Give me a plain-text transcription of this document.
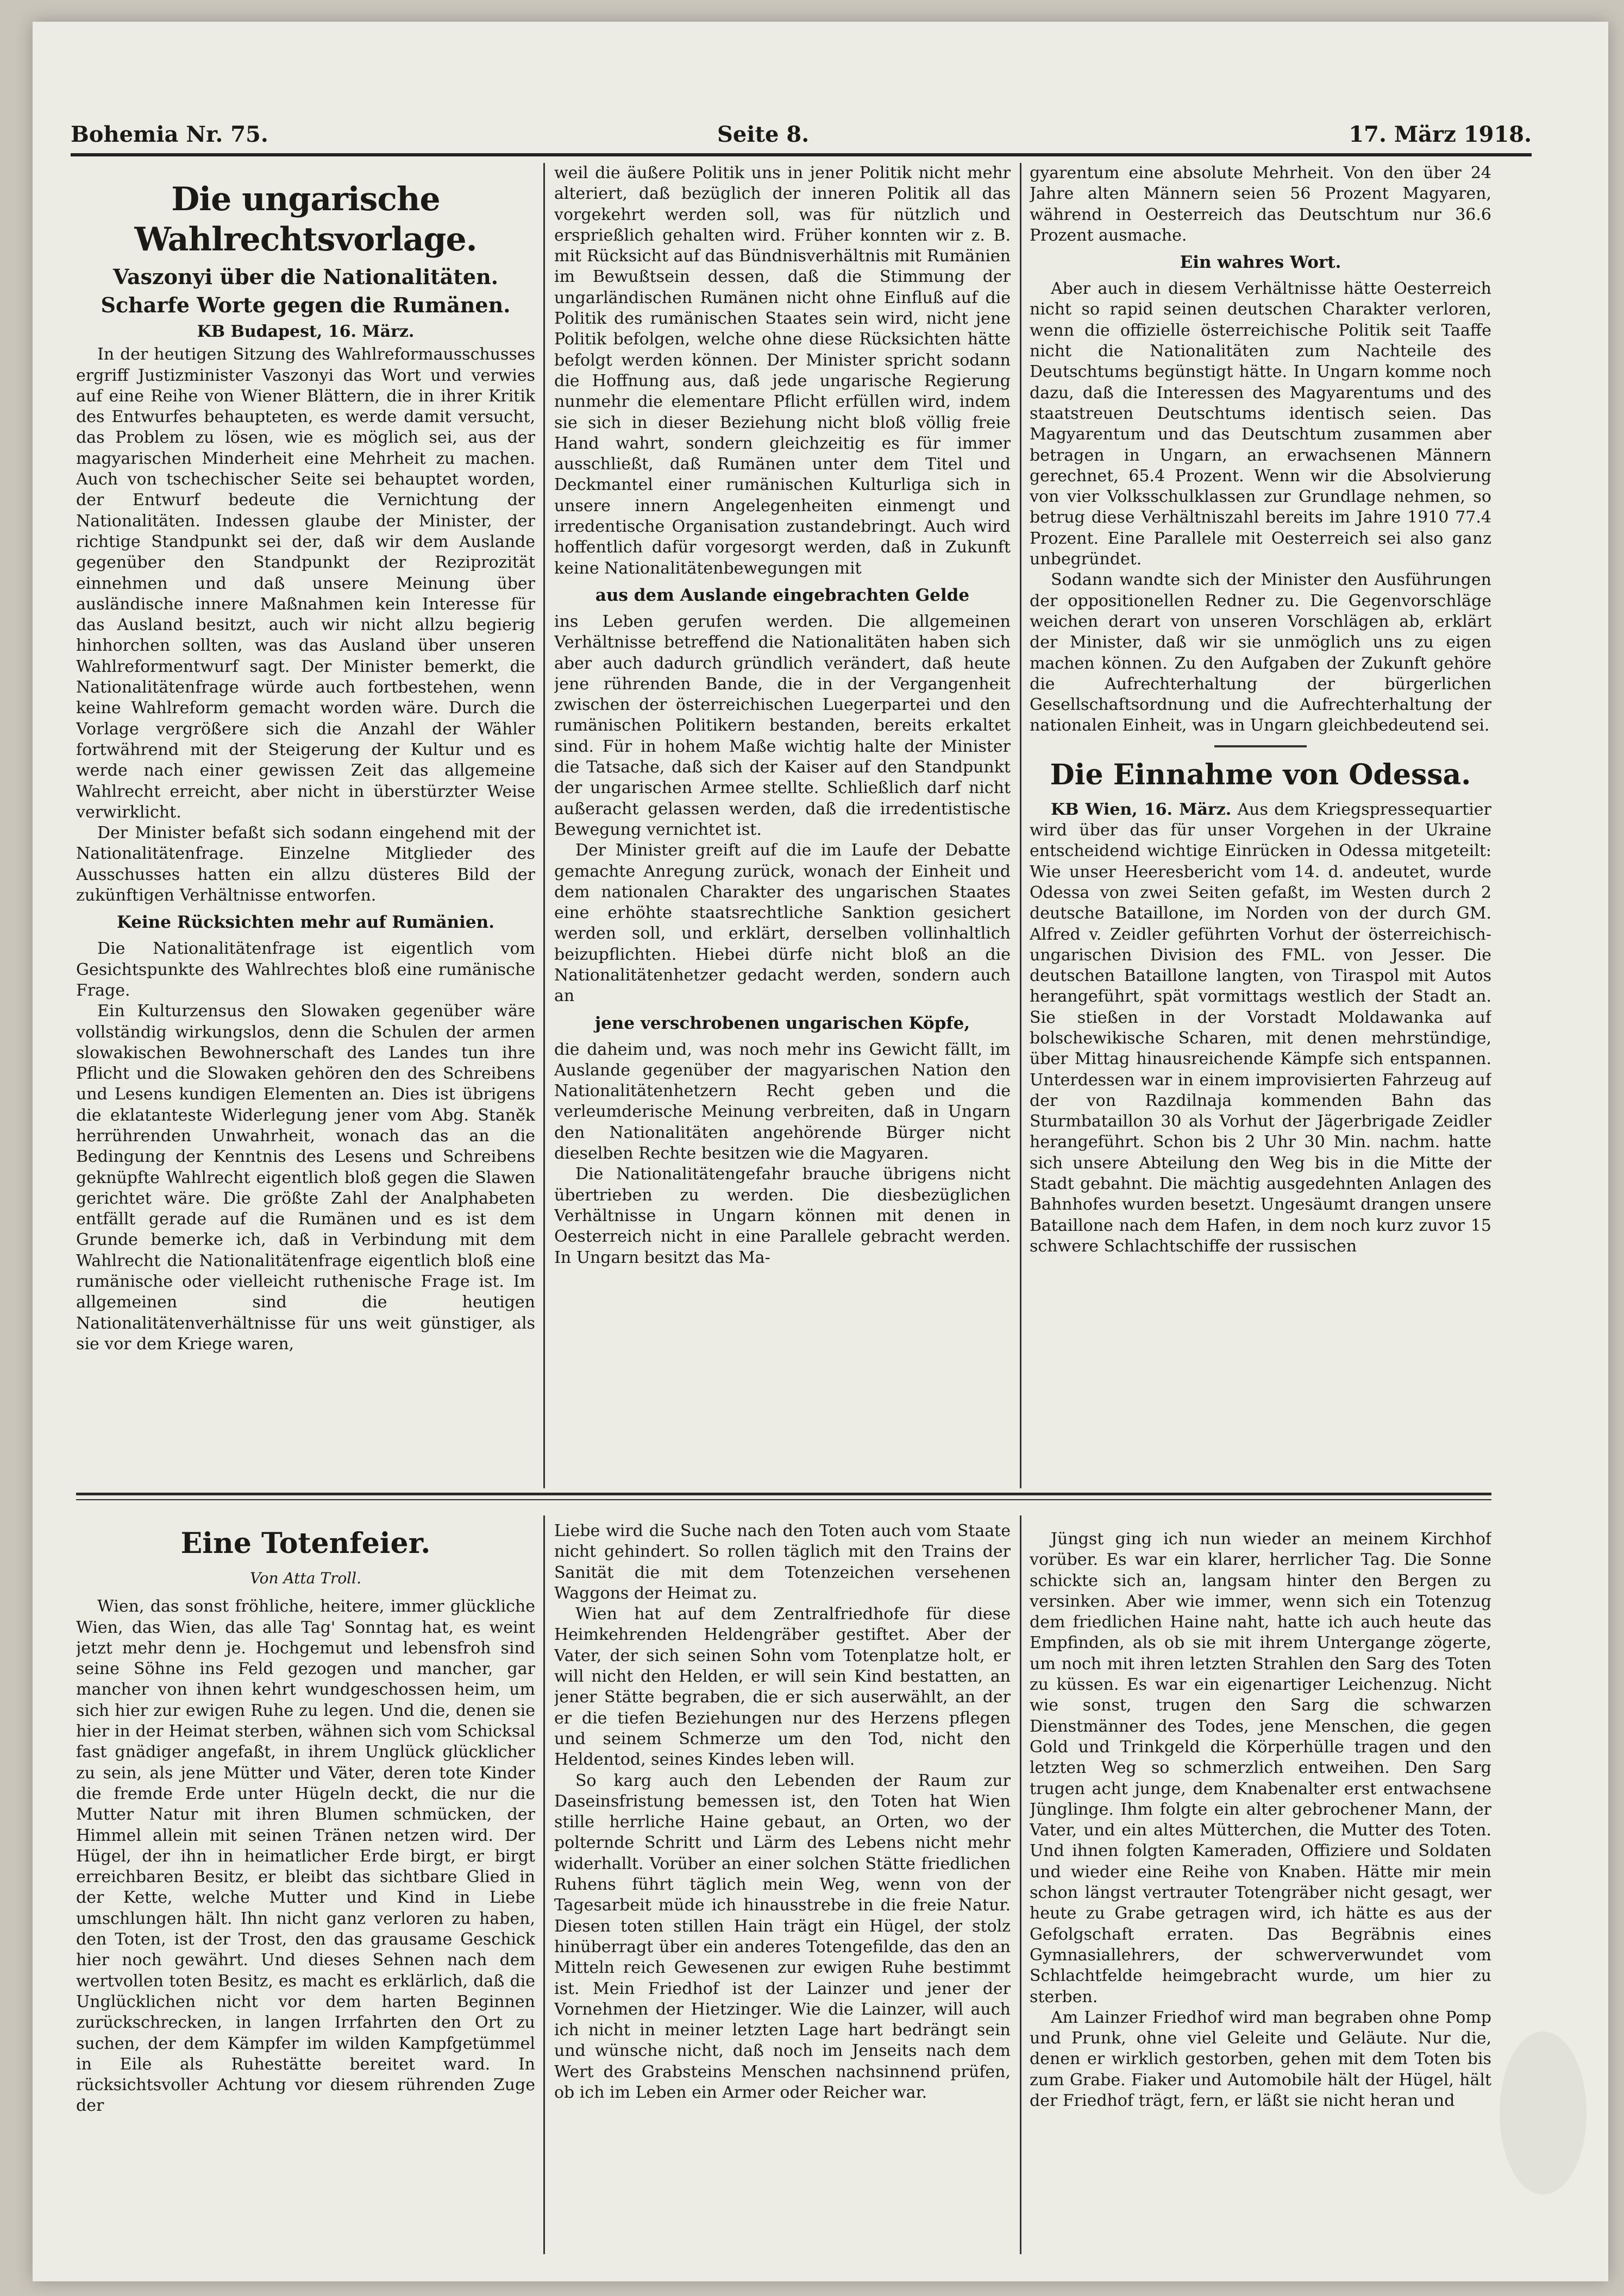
Bohemia Nr. 75.	Seite 8.	17. März 1918.
Die ungarische Wahlrechtsvorlage.
Vaszonyi über die Nationalitäten.
Scharfe Worte gegen die Rumänen.
KB Budapest, 16. März.

In der heutigen Sitzung des Wahlreformausschusses ergriff Justizminister Vaszonyi das Wort und verwies auf eine Reihe von Wiener Blättern, die in ihrer Kritik des Entwurfes behaupteten, es werde damit versucht, das Problem zu lösen, wie es möglich sei, aus der magyarischen Minderheit eine Mehrheit zu machen. Auch von tschechischer Seite sei behauptet worden, der Entwurf bedeute die Vernichtung der Nationalitäten. Indessen glaube der Minister, der richtige Standpunkt sei der, daß wir dem Auslande gegenüber den Standpunkt der Reziprozität einnehmen und daß unsere Meinung über ausländische innere Maßnahmen kein Interesse für das Ausland besitzt, auch wir nicht allzu begierig hinhorchen sollten, was das Ausland über unseren Wahlreformentwurf sagt. Der Minister bemerkt, die Nationalitätenfrage würde auch fortbestehen, wenn keine Wahlreform gemacht worden wäre. Durch die Vorlage vergrößere sich die Anzahl der Wähler fortwährend mit der Steigerung der Kultur und es werde nach einer gewissen Zeit das allgemeine Wahlrecht erreicht, aber nicht in überstürzter Weise verwirklicht.

Der Minister befaßt sich sodann eingehend mit der Nationalitätenfrage. Einzelne Mitglieder des Ausschusses hatten ein allzu düsteres Bild der zukünftigen Verhältnisse entworfen.

Keine Rücksichten mehr auf Rumänien.

Die Nationalitätenfrage ist eigentlich vom Gesichtspunkte des Wahlrechtes bloß eine rumänische Frage.

Ein Kulturzensus den Slowaken gegenüber wäre vollständig wirkungslos, denn die Schulen der armen slowakischen Bewohnerschaft des Landes tun ihre Pflicht und die Slowaken gehören den des Schreibens und Lesens kundigen Elementen an. Dies ist übrigens die eklatanteste Widerlegung jener vom Abg. Staněk herrührenden Unwahrheit, wonach das an die Bedingung der Kenntnis des Lesens und Schreibens geknüpfte Wahlrecht eigentlich bloß gegen die Slawen gerichtet wäre. Die größte Zahl der Analphabeten entfällt gerade auf die Rumänen und es ist dem Grunde bemerke ich, daß in Verbindung mit dem Wahlrecht die Nationalitätenfrage eigentlich bloß eine rumänische oder vielleicht ruthenische Frage ist. Im allgemeinen sind die heutigen Nationalitätenverhältnisse für uns weit günstiger, als sie vor dem Kriege waren,

weil die äußere Politik uns in jener Politik nicht mehr alteriert, daß bezüglich der inneren Politik all das vorgekehrt werden soll, was für nützlich und ersprießlich gehalten wird. Früher konnten wir z. B. mit Rücksicht auf das Bündnisverhältnis mit Rumänien im Bewußtsein dessen, daß die Stimmung der ungarländischen Rumänen nicht ohne Einfluß auf die Politik des rumänischen Staates sein wird, nicht jene Politik befolgen, welche ohne diese Rücksichten hätte befolgt werden können. Der Minister spricht sodann die Hoffnung aus, daß jede ungarische Regierung nunmehr die elementare Pflicht erfüllen wird, indem sie sich in dieser Beziehung nicht bloß völlig freie Hand wahrt, sondern gleichzeitig es für immer ausschließt, daß Rumänen unter dem Titel und Deckmantel einer rumänischen Kulturliga sich in unsere innern Angelegenheiten einmengt und irredentische Organisation zustandebringt. Auch wird hoffentlich dafür vorgesorgt werden, daß in Zukunft keine Nationalitätenbewegungen mit

aus dem Auslande eingebrachten Gelde

ins Leben gerufen werden. Die allgemeinen Verhältnisse betreffend die Nationalitäten haben sich aber auch dadurch gründlich verändert, daß heute jene rührenden Bande, die in der Vergangenheit zwischen der österreichischen Luegerpartei und den rumänischen Politikern bestanden, bereits erkaltet sind. Für in hohem Maße wichtig halte der Minister die Tatsache, daß sich der Kaiser auf den Standpunkt der ungarischen Armee stellte. Schließlich darf nicht außeracht gelassen werden, daß die irredentistische Bewegung vernichtet ist.

Der Minister greift auf die im Laufe der Debatte gemachte Anregung zurück, wonach der Einheit und dem nationalen Charakter des ungarischen Staates eine erhöhte staatsrechtliche Sanktion gesichert werden soll, und erklärt, derselben vollinhaltlich beizupflichten. Hiebei dürfe nicht bloß an die Nationalitätenhetzer gedacht werden, sondern auch an

jene verschrobenen ungarischen Köpfe,

die daheim und, was noch mehr ins Gewicht fällt, im Auslande gegenüber der magyarischen Nation den Nationalitätenhetzern Recht geben und die verleumderische Meinung verbreiten, daß in Ungarn den Nationalitäten angehörende Bürger nicht dieselben Rechte besitzen wie die Magyaren.

Die Nationalitätengefahr brauche übrigens nicht übertrieben zu werden. Die diesbezüglichen Verhältnisse in Ungarn können mit denen in Oesterreich nicht in eine Parallele gebracht werden. In Ungarn besitzt das Ma-

gyarentum eine absolute Mehrheit. Von den über 24 Jahre alten Männern seien 56 Prozent Magyaren, während in Oesterreich das Deutschtum nur 36.6 Prozent ausmache.

Ein wahres Wort.

Aber auch in diesem Verhältnisse hätte Oesterreich nicht so rapid seinen deutschen Charakter verloren, wenn die offizielle österreichische Politik seit Taaffe nicht die Nationalitäten zum Nachteile des Deutschtums begünstigt hätte. In Ungarn komme noch dazu, daß die Interessen des Magyarentums und des staatstreuen Deutschtums identisch seien. Das Magyarentum und das Deutschtum zusammen aber betragen in Ungarn, an erwachsenen Männern gerechnet, 65.4 Prozent. Wenn wir die Absolvierung von vier Volksschulklassen zur Grundlage nehmen, so betrug diese Verhältniszahl bereits im Jahre 1910 77.4 Prozent. Eine Parallele mit Oesterreich sei also ganz unbegründet.

Sodann wandte sich der Minister den Ausführungen der oppositionellen Redner zu. Die Gegenvorschläge weichen derart von unseren Vorschlägen ab, erklärt der Minister, daß wir sie unmöglich uns zu eigen machen können. Zu den Aufgaben der Zukunft gehöre die Aufrechterhaltung der bürgerlichen Gesellschaftsordnung und die Aufrechterhaltung der nationalen Einheit, was in Ungarn gleichbedeutend sei.

Die Einnahme von Odessa.

KB Wien, 16. März. Aus dem Kriegspressequartier wird über das für unser Vorgehen in der Ukraine entscheidend wichtige Einrücken in Odessa mitgeteilt: Wie unser Heeresbericht vom 14. d. andeutet, wurde Odessa von zwei Seiten gefaßt, im Westen durch 2 deutsche Bataillone, im Norden von der durch GM. Alfred v. Zeidler geführten Vorhut der österreichisch-ungarischen Division des FML. von Jesser. Die deutschen Bataillone langten, von Tiraspol mit Autos herangeführt, spät vormittags westlich der Stadt an. Sie stießen in der Vorstadt Moldawanka auf bolschewikische Scharen, mit denen mehrstündige, über Mittag hinausreichende Kämpfe sich entspannen. Unterdessen war in einem improvisierten Fahrzeug auf der von Razdilnaja kommenden Bahn das Sturmbataillon 30 als Vorhut der Jägerbrigade Zeidler herangeführt. Schon bis 2 Uhr 30 Min. nachm. hatte sich unsere Abteilung den Weg bis in die Mitte der Stadt gebahnt. Die mächtig ausgedehnten Anlagen des Bahnhofes wurden besetzt. Ungesäumt drangen unsere Bataillone nach dem Hafen, in dem noch kurz zuvor 15 schwere Schlachtschiffe der russischen

Eine Totenfeier.
Von Atta Troll.

Wien, das sonst fröhliche, heitere, immer glückliche Wien, das Wien, das alle Tag' Sonntag hat, es weint jetzt mehr denn je. Hochgemut und lebensfroh sind seine Söhne ins Feld gezogen und mancher, gar mancher von ihnen kehrt wundgeschossen heim, um sich hier zur ewigen Ruhe zu legen. Und die, denen sie hier in der Heimat sterben, wähnen sich vom Schicksal fast gnädiger angefaßt, in ihrem Unglück glücklicher zu sein, als jene Mütter und Väter, deren tote Kinder die fremde Erde unter Hügeln deckt, die nur die Mutter Natur mit ihren Blumen schmücken, der Himmel allein mit seinen Tränen netzen wird. Der Hügel, der ihn in heimatlicher Erde birgt, er birgt erreichbaren Besitz, er bleibt das sichtbare Glied in der Kette, welche Mutter und Kind in Liebe umschlungen hält. Ihn nicht ganz verloren zu haben, den Toten, ist der Trost, den das grausame Geschick hier noch gewährt. Und dieses Sehnen nach dem wertvollen toten Besitz, es macht es erklärlich, daß die Unglücklichen nicht vor dem harten Beginnen zurückschrecken, in langen Irrfahrten den Ort zu suchen, der dem Kämpfer im wilden Kampfgetümmel in Eile als Ruhestätte bereitet ward. In rücksichtsvoller Achtung vor diesem rührenden Zuge der

Liebe wird die Suche nach den Toten auch vom Staate nicht gehindert. So rollen täglich mit den Trains der Sanität die mit dem Totenzeichen versehenen Waggons der Heimat zu.

Wien hat auf dem Zentralfriedhofe für diese Heimkehrenden Heldengräber gestiftet. Aber der Vater, der sich seinen Sohn vom Totenplatze holt, er will nicht den Helden, er will sein Kind bestatten, an jener Stätte begraben, die er sich auserwählt, an der er die tiefen Beziehungen nur des Herzens pflegen und seinem Schmerze um den Tod, nicht den Heldentod, seines Kindes leben will.

So karg auch den Lebenden der Raum zur Daseinsfristung bemessen ist, den Toten hat Wien stille herrliche Haine gebaut, an Orten, wo der polternde Schritt und Lärm des Lebens nicht mehr widerhallt. Vorüber an einer solchen Stätte friedlichen Ruhens führt täglich mein Weg, wenn von der Tagesarbeit müde ich hinausstrebe in die freie Natur. Diesen toten stillen Hain trägt ein Hügel, der stolz hinüberragt über ein anderes Totengefilde, das den an Mitteln reich Gewesenen zur ewigen Ruhe bestimmt ist. Mein Friedhof ist der Lainzer und jener der Vornehmen der Hietzinger. Wie die Lainzer, will auch ich nicht in meiner letzten Lage hart bedrängt sein und wünsche nicht, daß noch im Jenseits nach dem Wert des Grabsteins Menschen nachsinnend prüfen, ob ich im Leben ein Armer oder Reicher war.

Jüngst ging ich nun wieder an meinem Kirchhof vorüber. Es war ein klarer, herrlicher Tag. Die Sonne schickte sich an, langsam hinter den Bergen zu versinken. Aber wie immer, wenn sich ein Totenzug dem friedlichen Haine naht, hatte ich auch heute das Empfinden, als ob sie mit ihrem Untergange zögerte, um noch mit ihren letzten Strahlen den Sarg des Toten zu küssen. Es war ein eigenartiger Leichenzug. Nicht wie sonst, trugen den Sarg die schwarzen Dienstmänner des Todes, jene Menschen, die gegen Gold und Trinkgeld die Körperhülle tragen und den letzten Weg so schmerzlich entweihen. Den Sarg trugen acht junge, dem Knabenalter erst entwachsene Jünglinge. Ihm folgte ein alter gebrochener Mann, der Vater, und ein altes Mütterchen, die Mutter des Toten. Und ihnen folgten Kameraden, Offiziere und Soldaten und wieder eine Reihe von Knaben. Hätte mir mein schon längst vertrauter Totengräber nicht gesagt, wer heute zu Grabe getragen wird, ich hätte es aus der Gefolgschaft erraten. Das Begräbnis eines Gymnasiallehrers, der schwerverwundet vom Schlachtfelde heimgebracht wurde, um hier zu sterben.

Am Lainzer Friedhof wird man begraben ohne Pomp und Prunk, ohne viel Geleite und Geläute. Nur die, denen er wirklich gestorben, gehen mit dem Toten bis zum Grabe. Fiaker und Automobile hält der Hügel, hält der Friedhof trägt, fern, er läßt sie nicht heran und
